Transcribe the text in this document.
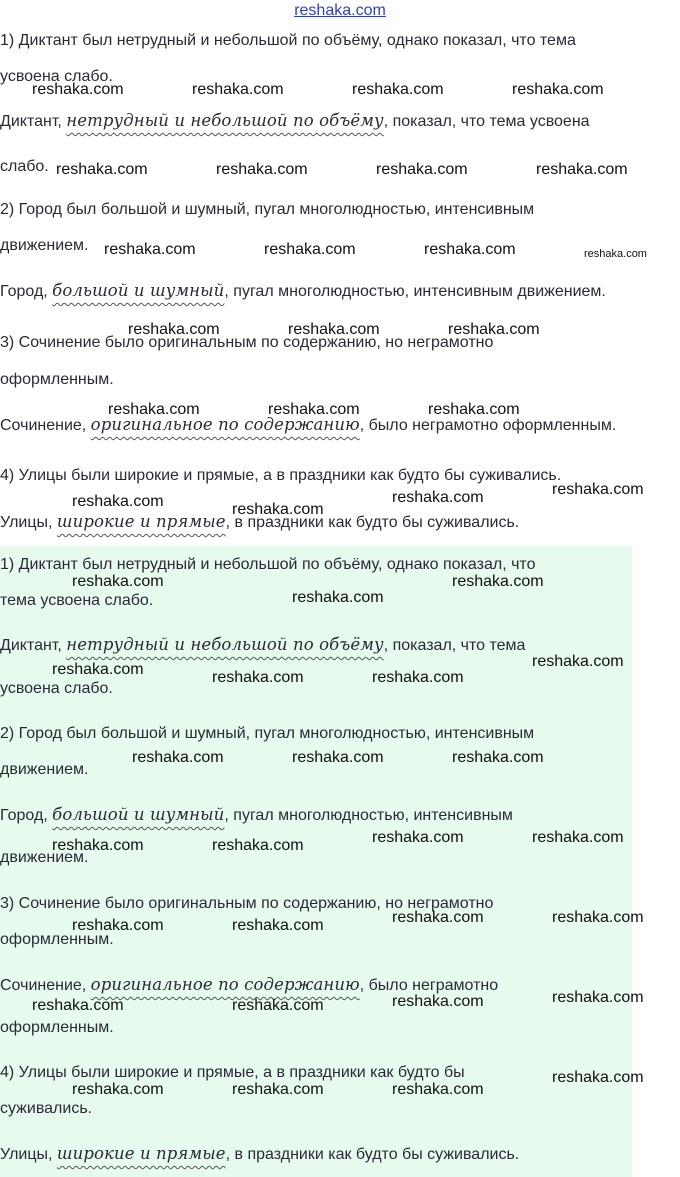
reshaka.com
1) Диктант был нетрудный и небольшой по объёму, однако показал, что тема
усвоена слабо.
Диктант, нетрудный и небольшой по объёму, показал, что тема усвоена
слабо.
2) Город был большой и шумный, пугал многолюдностью, интенсивным
движением.
Город, большой и шумный, пугал многолюдностью, интенсивным движением.
3) Сочинение было оригинальным по содержанию, но неграмотно
оформленным.
Сочинение, оригинальное по содержанию, было неграмотно оформленным.
4) Улицы были широкие и прямые, а в праздники как будто бы суживались.
Улицы, широкие и прямые, в праздники как будто бы суживались.
1) Диктант был нетрудный и небольшой по объёму, однако показал, что
тема усвоена слабо.
Диктант, нетрудный и небольшой по объёму, показал, что тема
усвоена слабо.
2) Город был большой и шумный, пугал многолюдностью, интенсивным
движением.
Город, большой и шумный, пугал многолюдностью, интенсивным
движением.
3) Сочинение было оригинальным по содержанию, но неграмотно
оформленным.
Сочинение, оригинальное по содержанию, было неграмотно
оформленным.
4) Улицы были широкие и прямые, а в праздники как будто бы
суживались.
Улицы, широкие и прямые, в праздники как будто бы суживались.
reshaka.com	reshaka.com	reshaka.com	reshaka.com
reshaka.com	reshaka.com	reshaka.com	reshaka.com
reshaka.com	reshaka.com	reshaka.com	reshaka.com
reshaka.com	reshaka.com	reshaka.com
reshaka.com	reshaka.com	reshaka.com
reshaka.com	reshaka.com
reshaka.com	reshaka.com
reshaka.com
reshaka.com
reshaka.com
reshaka.com	reshaka.com	reshaka.com
reshaka.com
reshaka.com	reshaka.com	reshaka.com
reshaka.com	reshaka.com	reshaka.com	reshaka.com
reshaka.com	reshaka.com	reshaka.com	reshaka.com
reshaka.com	reshaka.com	reshaka.com	reshaka.com
reshaka.com	reshaka.com	reshaka.com
reshaka.com
